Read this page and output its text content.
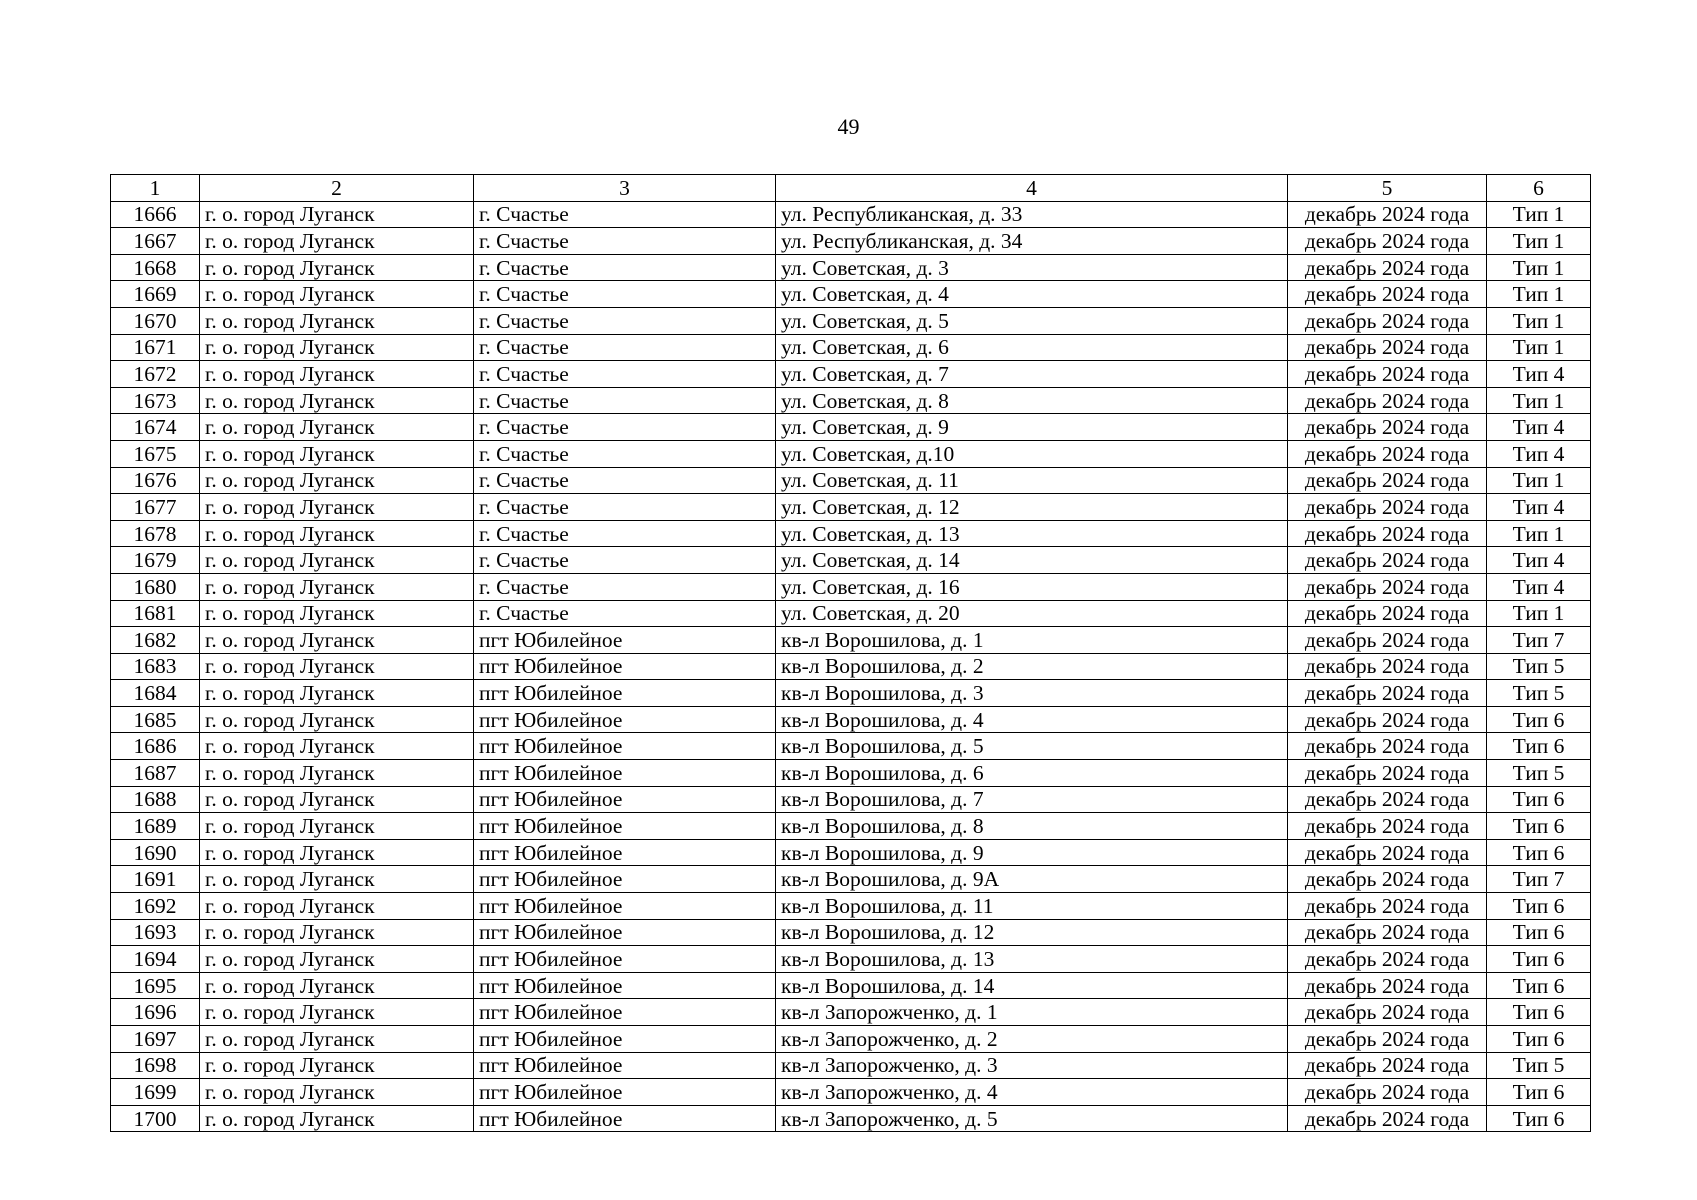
49
1	2	3	4	5	6
1666	г. о. город Луганск	г. Счастье	ул. Республиканская, д. 33	декабрь 2024 года	Тип 1
1667	г. о. город Луганск	г. Счастье	ул. Республиканская, д. 34	декабрь 2024 года	Тип 1
1668	г. о. город Луганск	г. Счастье	ул. Советская, д. 3	декабрь 2024 года	Тип 1
1669	г. о. город Луганск	г. Счастье	ул. Советская, д. 4	декабрь 2024 года	Тип 1
1670	г. о. город Луганск	г. Счастье	ул. Советская, д. 5	декабрь 2024 года	Тип 1
1671	г. о. город Луганск	г. Счастье	ул. Советская, д. 6	декабрь 2024 года	Тип 1
1672	г. о. город Луганск	г. Счастье	ул. Советская, д. 7	декабрь 2024 года	Тип 4
1673	г. о. город Луганск	г. Счастье	ул. Советская, д. 8	декабрь 2024 года	Тип 1
1674	г. о. город Луганск	г. Счастье	ул. Советская, д. 9	декабрь 2024 года	Тип 4
1675	г. о. город Луганск	г. Счастье	ул. Советская, д.10	декабрь 2024 года	Тип 4
1676	г. о. город Луганск	г. Счастье	ул. Советская, д. 11	декабрь 2024 года	Тип 1
1677	г. о. город Луганск	г. Счастье	ул. Советская, д. 12	декабрь 2024 года	Тип 4
1678	г. о. город Луганск	г. Счастье	ул. Советская, д. 13	декабрь 2024 года	Тип 1
1679	г. о. город Луганск	г. Счастье	ул. Советская, д. 14	декабрь 2024 года	Тип 4
1680	г. о. город Луганск	г. Счастье	ул. Советская, д. 16	декабрь 2024 года	Тип 4
1681	г. о. город Луганск	г. Счастье	ул. Советская, д. 20	декабрь 2024 года	Тип 1
1682	г. о. город Луганск	пгт Юбилейное	кв-л Ворошилова, д. 1	декабрь 2024 года	Тип 7
1683	г. о. город Луганск	пгт Юбилейное	кв-л Ворошилова, д. 2	декабрь 2024 года	Тип 5
1684	г. о. город Луганск	пгт Юбилейное	кв-л Ворошилова, д. 3	декабрь 2024 года	Тип 5
1685	г. о. город Луганск	пгт Юбилейное	кв-л Ворошилова, д. 4	декабрь 2024 года	Тип 6
1686	г. о. город Луганск	пгт Юбилейное	кв-л Ворошилова, д. 5	декабрь 2024 года	Тип 6
1687	г. о. город Луганск	пгт Юбилейное	кв-л Ворошилова, д. 6	декабрь 2024 года	Тип 5
1688	г. о. город Луганск	пгт Юбилейное	кв-л Ворошилова, д. 7	декабрь 2024 года	Тип 6
1689	г. о. город Луганск	пгт Юбилейное	кв-л Ворошилова, д. 8	декабрь 2024 года	Тип 6
1690	г. о. город Луганск	пгт Юбилейное	кв-л Ворошилова, д. 9	декабрь 2024 года	Тип 6
1691	г. о. город Луганск	пгт Юбилейное	кв-л Ворошилова, д. 9А	декабрь 2024 года	Тип 7
1692	г. о. город Луганск	пгт Юбилейное	кв-л Ворошилова, д. 11	декабрь 2024 года	Тип 6
1693	г. о. город Луганск	пгт Юбилейное	кв-л Ворошилова, д. 12	декабрь 2024 года	Тип 6
1694	г. о. город Луганск	пгт Юбилейное	кв-л Ворошилова, д. 13	декабрь 2024 года	Тип 6
1695	г. о. город Луганск	пгт Юбилейное	кв-л Ворошилова, д. 14	декабрь 2024 года	Тип 6
1696	г. о. город Луганск	пгт Юбилейное	кв-л Запорожченко, д. 1	декабрь 2024 года	Тип 6
1697	г. о. город Луганск	пгт Юбилейное	кв-л Запорожченко, д. 2	декабрь 2024 года	Тип 6
1698	г. о. город Луганск	пгт Юбилейное	кв-л Запорожченко, д. 3	декабрь 2024 года	Тип 5
1699	г. о. город Луганск	пгт Юбилейное	кв-л Запорожченко, д. 4	декабрь 2024 года	Тип 6
1700	г. о. город Луганск	пгт Юбилейное	кв-л Запорожченко, д. 5	декабрь 2024 года	Тип 6
